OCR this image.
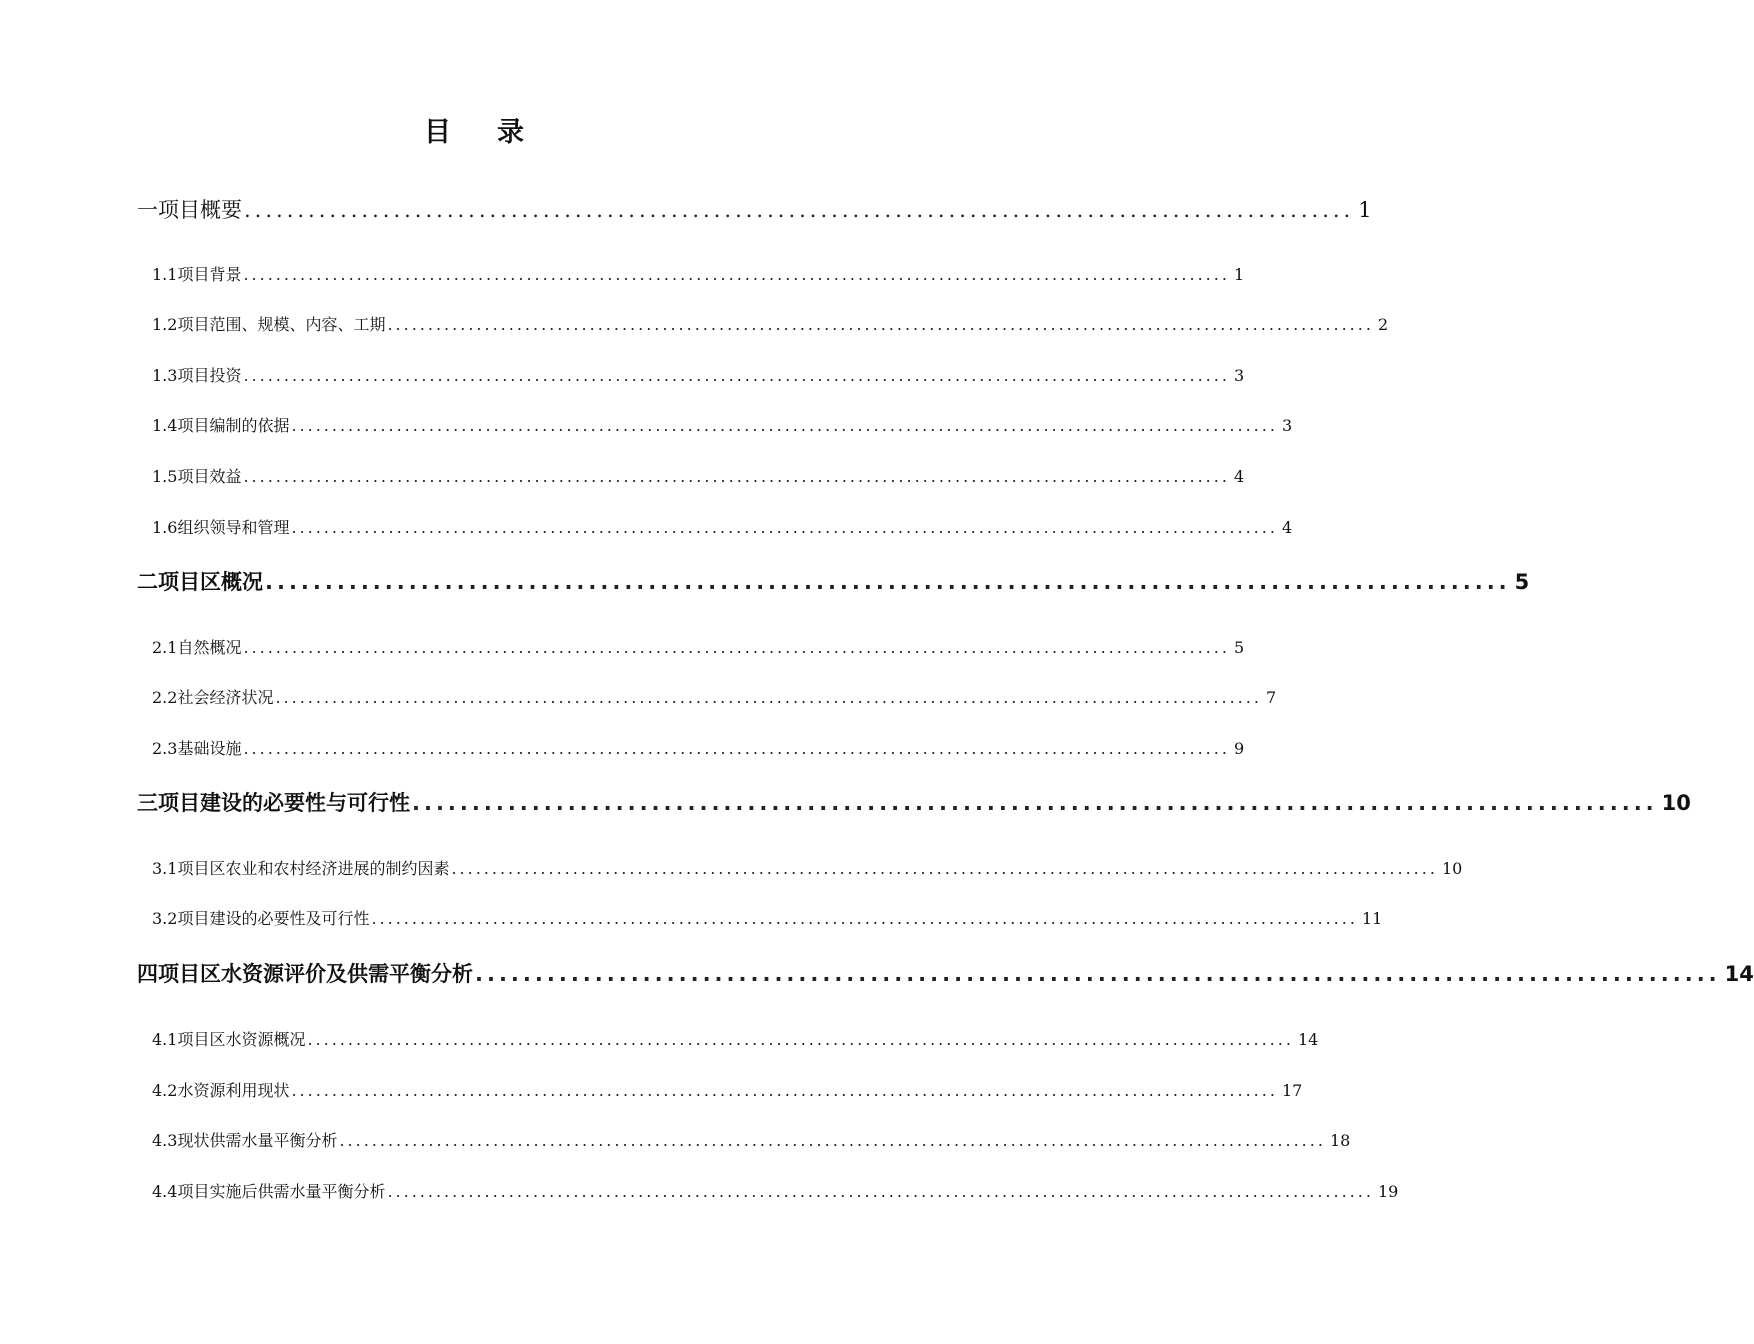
目 录
一 项目概要 ........................................................................................................ 1
1.1项目背景 .......................................................................................................................... 1
1.2项目范围、规模、内容、工期 .......................................................................................................................... 2
1.3项目投资 .......................................................................................................................... 3
1.4项目编制的依据 .......................................................................................................................... 3
1.5项目效益 .......................................................................................................................... 4
1.6组织领导和管理 .......................................................................................................................... 4
二 项目区概况 ........................................................................................................ 5
2.1自然概况 .......................................................................................................................... 5
2.2社会经济状况 .......................................................................................................................... 7
2.3基础设施 .......................................................................................................................... 9
三 项目建设的必要性与可行性 ........................................................................................................ 10
3.1项目区农业和农村经济进展的制约因素 .......................................................................................................................... 10
3.2项目建设的必要性及可行性 .......................................................................................................................... 11
四 项目区水资源评价及供需平衡分析 ........................................................................................................ 14
4.1项目区水资源概况 .......................................................................................................................... 14
4.2水资源利用现状 .......................................................................................................................... 17
4.3现状供需水量平衡分析 .......................................................................................................................... 18
4.4项目实施后供需水量平衡分析 .......................................................................................................................... 19
